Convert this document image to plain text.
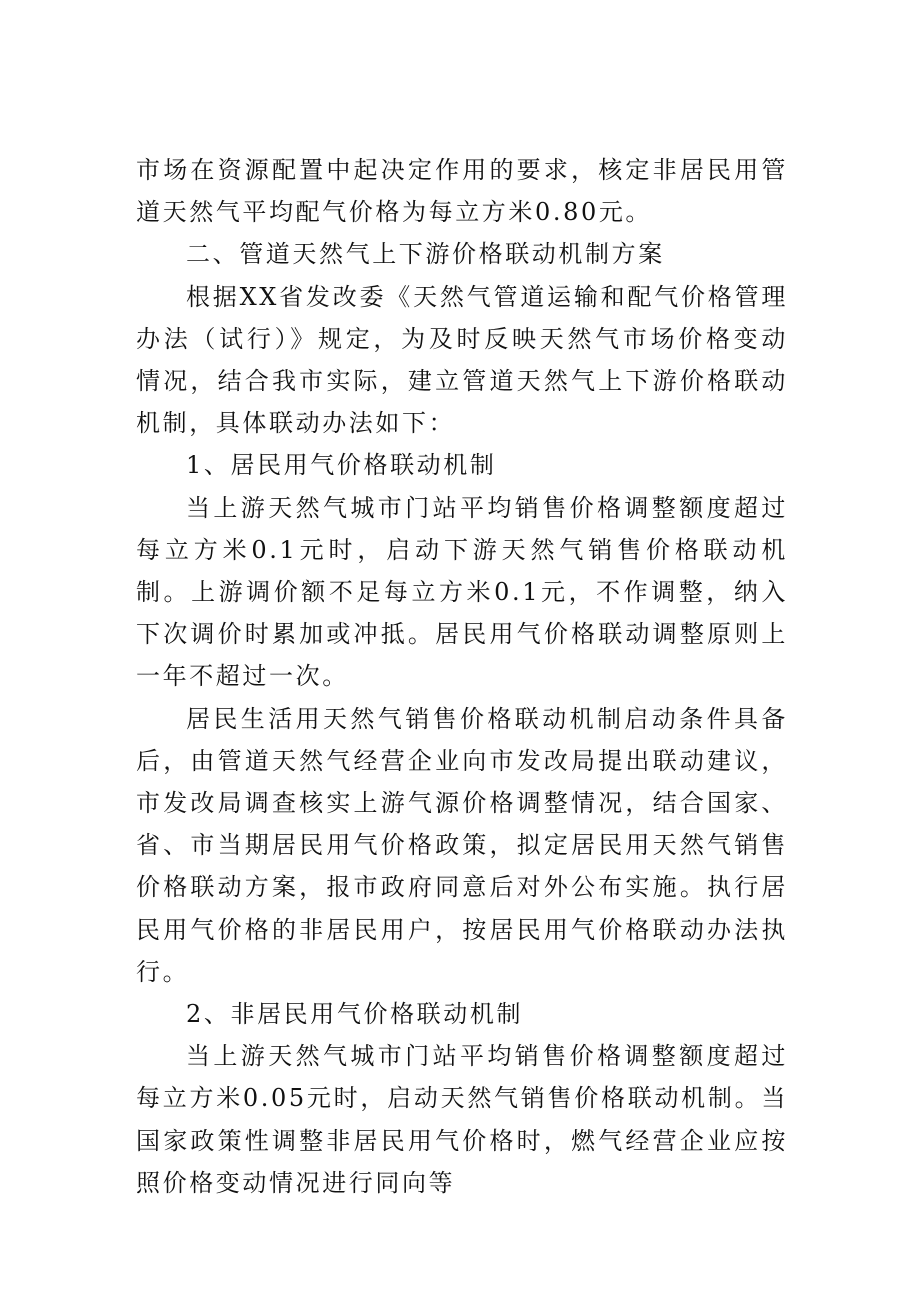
市场在资源配置中起决定作用的要求，核定非居民用管道天然气平均配气价格为每立方米0.80元。

二、管道天然气上下游价格联动机制方案

根据XX省发改委《天然气管道运输和配气价格管理办法（试行）》规定，为及时反映天然气市场价格变动情况，结合我市实际，建立管道天然气上下游价格联动机制，具体联动办法如下：

1、居民用气价格联动机制

当上游天然气城市门站平均销售价格调整额度超过每立方米0.1元时，启动下游天然气销售价格联动机制。上游调价额不足每立方米0.1元，不作调整，纳入下次调价时累加或冲抵。居民用气价格联动调整原则上一年不超过一次。

居民生活用天然气销售价格联动机制启动条件具备后，由管道天然气经营企业向市发改局提出联动建议，市发改局调查核实上游气源价格调整情况，结合国家、省、市当期居民用气价格政策，拟定居民用天然气销售价格联动方案，报市政府同意后对外公布实施。执行居民用气价格的非居民用户，按居民用气价格联动办法执行。

2、非居民用气价格联动机制

当上游天然气城市门站平均销售价格调整额度超过每立方米0.05元时，启动天然气销售价格联动机制。当国家政策性调整非居民用气价格时，燃气经营企业应按照价格变动情况进行同向等
